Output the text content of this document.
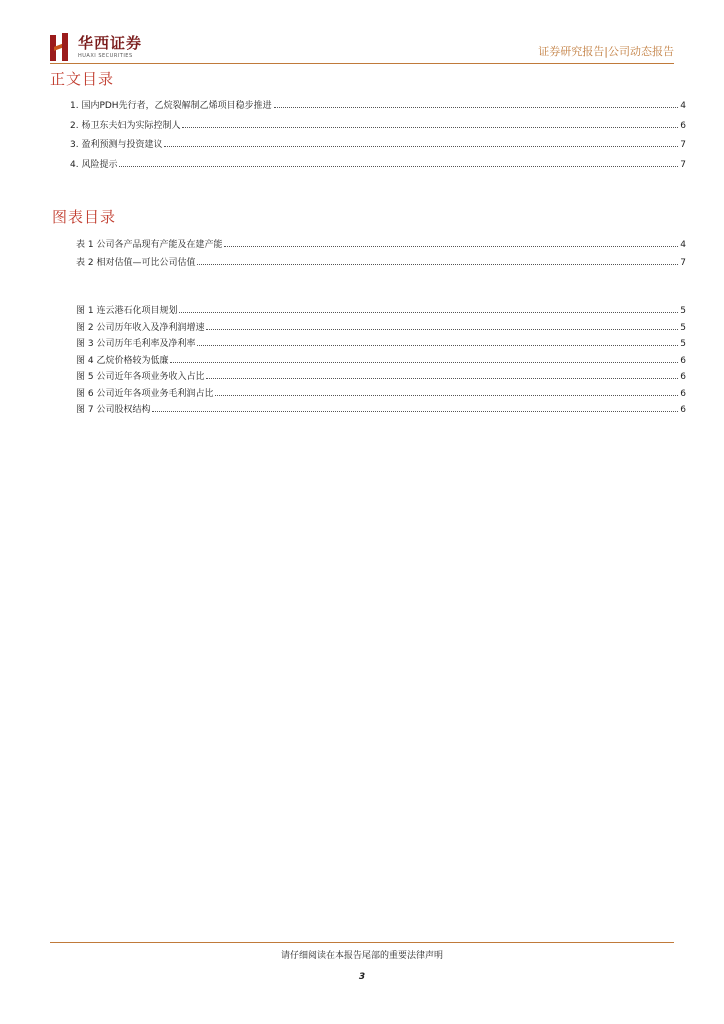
华西证券
HUAXI SECURITIES	证券研究报告|公司动态报告
正文目录
1. 国内PDH先行者，乙烷裂解制乙烯项目稳步推进	4
2. 杨卫东夫妇为实际控制人	6
3. 盈利预测与投资建议	7
4. 风险提示	7
图表目录
表 1 公司各产品现有产能及在建产能	4
表 2 相对估值—可比公司估值	7
图 1 连云港石化项目规划	5
图 2 公司历年收入及净利润增速	5
图 3 公司历年毛利率及净利率	5
图 4 乙烷价格较为低廉	6
图 5 公司近年各项业务收入占比	6
图 6 公司近年各项业务毛利润占比	6
图 7 公司股权结构	6
请仔细阅读在本报告尾部的重要法律声明
3
